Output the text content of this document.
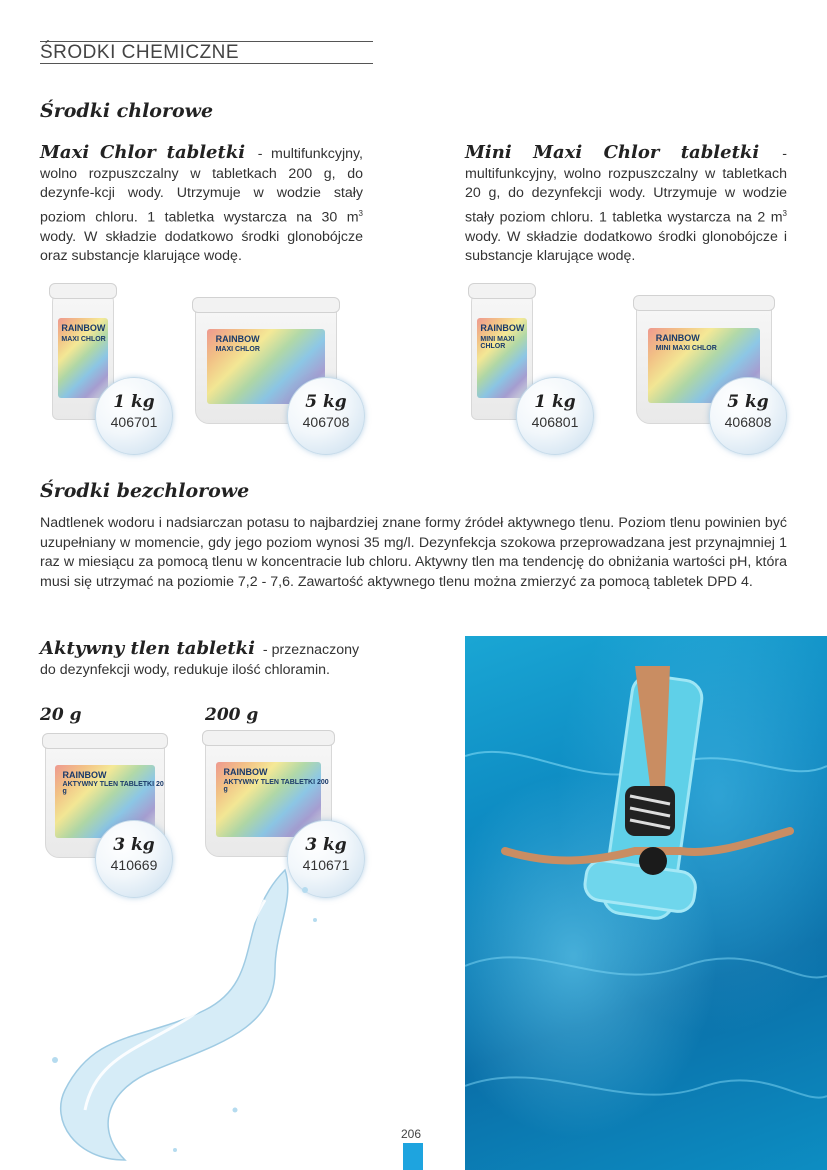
ŚRODKI CHEMICZNE
Środki chlorowe
Maxi Chlor tabletki - multifunkcyjny, wolno rozpuszczalny w tabletkach 200 g, do dezynfe-kcji wody. Utrzymuje w wodzie stały poziom chloru. 1 tabletka wystarcza na 30 $m^3$ wody. W składzie dodatkowo środki glonobójcze oraz substancje klarujące wodę.
Mini Maxi Chlor tabletki - multifunkcyjny, wolno rozpuszczalny w tabletkach 20 g, do dezynfekcji wody. Utrzymuje w wodzie stały poziom chloru. 1 tabletka wystarcza na 2 $m^3$ wody. W składzie dodatkowo środki glonobójcze i substancje klarujące wodę.
RAINBOW
MAXI CHLOR
1 kg
406701
RAINBOW
MAXI CHLOR
5 kg
406708
RAINBOW
MINI MAXI CHLOR
1 kg
406801
RAINBOW
MINI MAXI CHLOR
5 kg
406808
Środki bezchlorowe
Nadtlenek wodoru i nadsiarczan potasu to najbardziej znane formy źródeł aktywnego tlenu. Poziom tlenu powinien być uzupełniany w momencie, gdy jego poziom wynosi 35 mg/l. Dezynfekcja szokowa przeprowadzana jest przynajmniej 1 raz w miesiącu za pomocą tlenu w koncentracie lub chloru. Aktywny tlen ma tendencję do obniżania wartości pH, która musi się utrzymać na poziomie 7,2 - 7,6. Zawartość aktywnego tlenu można zmierzyć za pomocą tabletek DPD 4.
Aktywny tlen tabletki - przeznaczony do dezynfekcji wody, redukuje ilość chloramin.
20 g	200 g
RAINBOW
AKTYWNY TLEN TABLETKI 20 g
3 kg
410669
RAINBOW
AKTYWNY TLEN TABLETKI 200 g
3 kg
410671
206
